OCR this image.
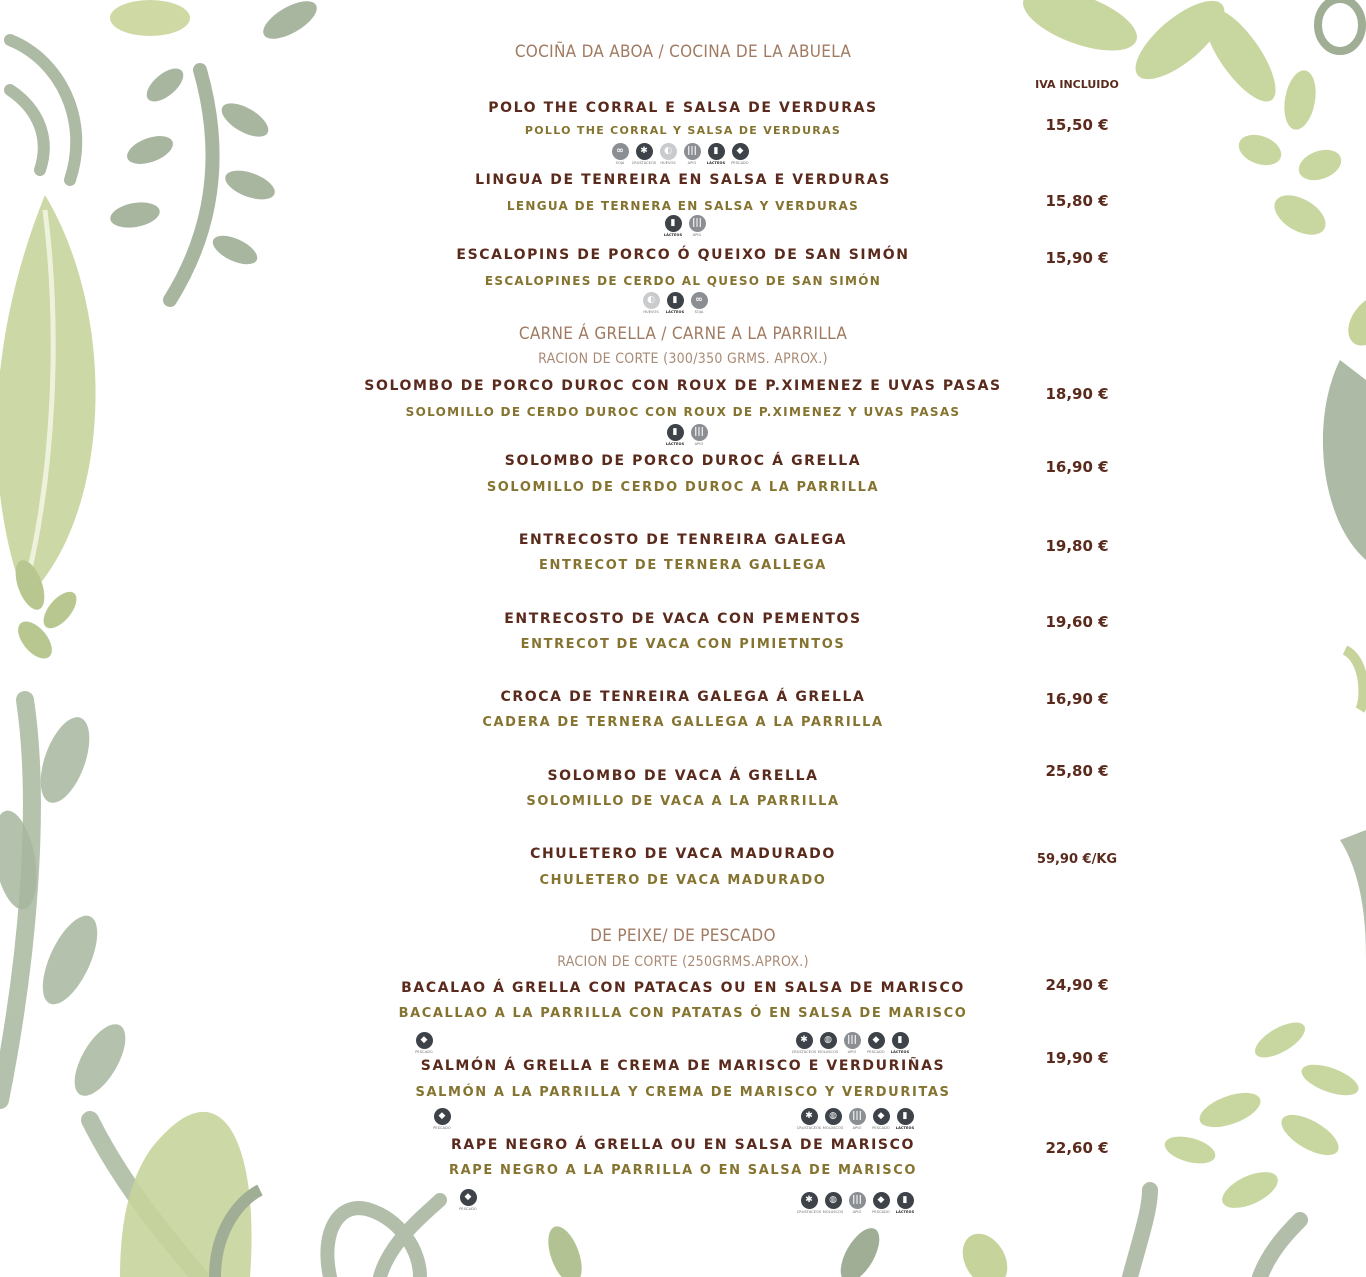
COCIÑA DA ABOA / COCINA DE LA ABUELA
IVA INCLUIDO
POLO THE CORRAL E SALSA DE VERDURAS
POLLO THE CORRAL Y SALSA DE VERDURAS	15,50 €
∞
SOJA
✱
CRUSTÁCEOS
◐
HUEVOS
|||
APIO
▮
LÁCTEOS
◆
PESCADO
LINGUA DE TENREIRA EN SALSA E VERDURAS
LENGUA DE TERNERA EN SALSA Y VERDURAS	15,80 €
▮
LÁCTEOS
|||
APIO
ESCALOPINS DE PORCO Ó QUEIXO DE SAN SIMÓN
ESCALOPINES DE CERDO AL QUESO DE SAN SIMÓN
15,90 €
◐
HUEVOS
▮
LÁCTEOS
∞
SOJA
CARNE Á GRELLA / CARNE A LA PARRILLA
RACION DE CORTE (300/350 GRMS. APROX.)
SOLOMBO DE PORCO DUROC CON ROUX DE P.XIMENEZ E UVAS PASAS
SOLOMILLO DE CERDO DUROC CON ROUX DE P.XIMENEZ Y UVAS PASAS
18,90 €
▮
LÁCTEOS
|||
APIO
SOLOMBO DE PORCO DUROC Á GRELLA
SOLOMILLO DE CERDO DUROC A LA PARRILLA
16,90 €
ENTRECOSTO DE TENREIRA GALEGA
ENTRECOT DE TERNERA GALLEGA
19,80 €
ENTRECOSTO DE VACA CON PEMENTOS
ENTRECOT DE VACA CON PIMIETNTOS
19,60 €
CROCA DE TENREIRA GALEGA Á GRELLA
CADERA DE TERNERA GALLEGA A LA PARRILLA
16,90 €
SOLOMBO DE VACA Á GRELLA
SOLOMILLO DE VACA A LA PARRILLA
25,80 €
CHULETERO DE VACA MADURADO
CHULETERO DE VACA MADURADO
59,90 €/KG
DE PEIXE/ DE PESCADO
RACION DE CORTE (250GRMS.APROX.)
BACALAO Á GRELLA CON PATACAS OU EN SALSA DE MARISCO
BACALLAO A LA PARRILLA CON PATATAS Ó EN SALSA DE MARISCO
24,90 €
◆
PESCADO
✱
CRUSTÁCEOS
◍
MOLUSCOS
|||
APIO
◆
PESCADO
▮
LÁCTEOS
SALMÓN Á GRELLA E CREMA DE MARISCO E VERDURIÑAS
SALMÓN A LA PARRILLA Y CREMA DE MARISCO Y VERDURITAS
19,90 €
◆
PESCADO
✱
CRUSTÁCEOS
◍
MOLUSCOS
|||
APIO
◆
PESCADO
▮
LÁCTEOS
RAPE NEGRO Á GRELLA OU EN SALSA DE MARISCO
RAPE NEGRO A LA PARRILLA O EN SALSA DE MARISCO
22,60 €
◆
PESCADO
✱
CRUSTÁCEOS
◍
MOLUSCOS
|||
APIO
◆
PESCADO
▮
LÁCTEOS
